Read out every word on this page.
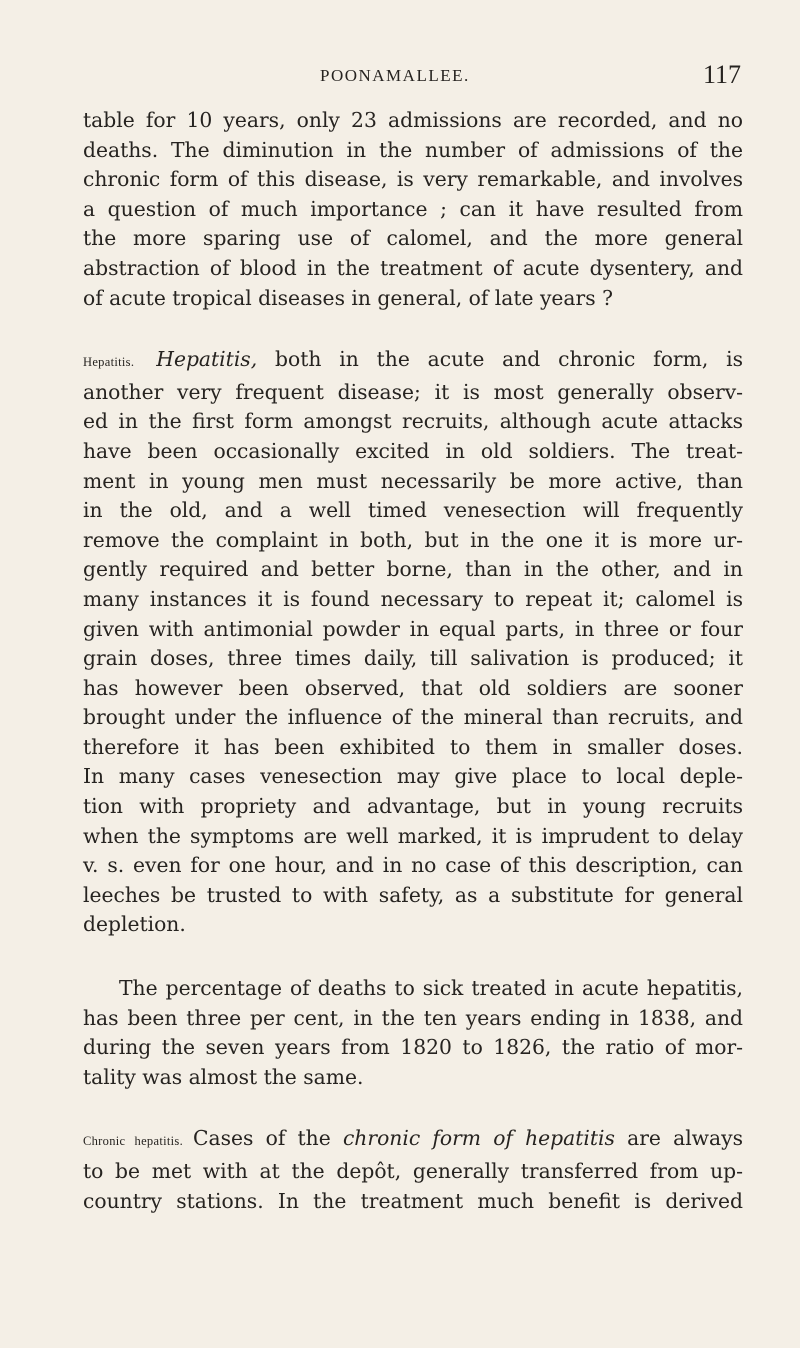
POONAMALLEE.	117

table for 10 years, only 23 admissions are recorded, and no
deaths. The diminution in the number of admissions of the
chronic form of this disease, is very remarkable, and involves
a question of much importance ; can it have resulted from
the more sparing use of calomel, and the more general
abstraction of blood in the treatment of acute dysentery, and
of acute tropical diseases in general, of late years ?

Hepatitis. Hepatitis, both in the acute and chronic form, is
another very frequent disease; it is most generally observ-
ed in the first form amongst recruits, although acute attacks
have been occasionally excited in old soldiers. The treat-
ment in young men must necessarily be more active, than
in the old, and a well timed venesection will frequently
remove the complaint in both, but in the one it is more ur-
gently required and better borne, than in the other, and in
many instances it is found necessary to repeat it; calomel is
given with antimonial powder in equal parts, in three or four
grain doses, three times daily, till salivation is produced; it
has however been observed, that old soldiers are sooner
brought under the influence of the mineral than recruits, and
therefore it has been exhibited to them in smaller doses.
In many cases venesection may give place to local deple-
tion with propriety and advantage, but in young recruits
when the symptoms are well marked, it is imprudent to delay
v. s. even for one hour, and in no case of this description, can
leeches be trusted to with safety, as a substitute for general
depletion.

The percentage of deaths to sick treated in acute hepatitis,
has been three per cent, in the ten years ending in 1838, and
during the seven years from 1820 to 1826, the ratio of mor-
tality was almost the same.

Chronic hepatitis. Cases of the chronic form of hepatitis are always
to be met with at the depôt, generally transferred from up-
country stations. In the treatment much benefit is derived
